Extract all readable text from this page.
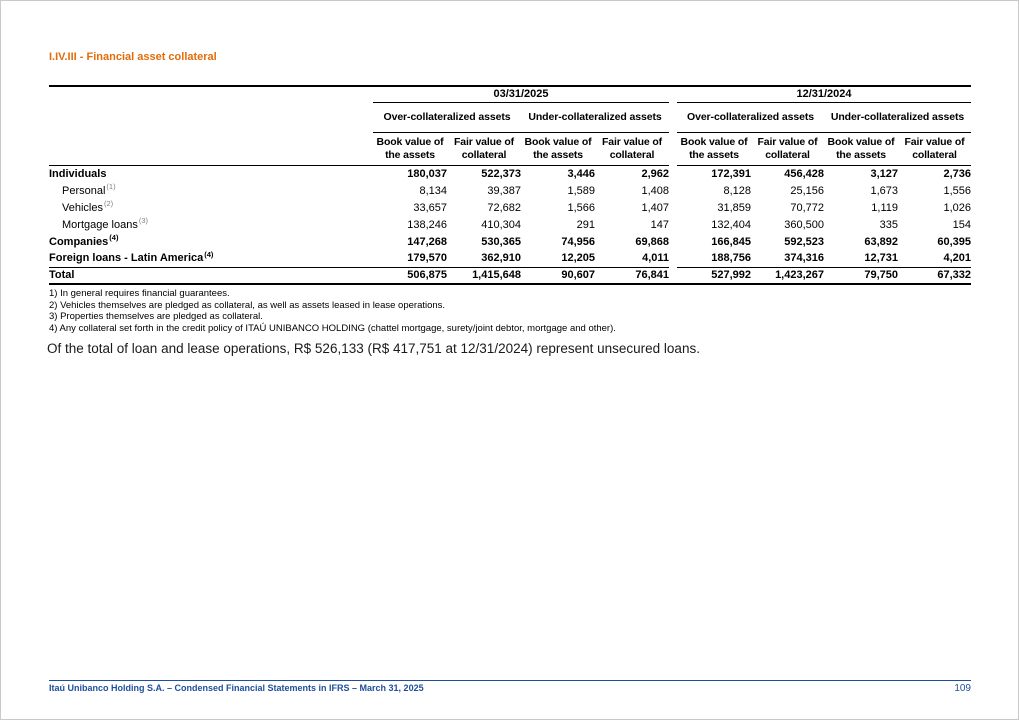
I.IV.III - Financial asset collateral
	03/31/2025					12/31/2024			
	Over-collateralized assets		Under-collateralized assets			Over-collateralized assets		Under-collateralized assets	
	Book value of the assets	Fair value of collateral	Book value of the assets	Fair value of collateral		Book value of the assets	Fair value of collateral	Book value of the assets	Fair value of collateral
Individuals	180,037	522,373	3,446	2,962		172,391	456,428	3,127	2,736
Personal$^{(1)}$	8,134	39,387	1,589	1,408		8,128	25,156	1,673	1,556
Vehicles$^{(2)}$	33,657	72,682	1,566	1,407		31,859	70,772	1,119	1,026
Mortgage loans$^{(3)}$	138,246	410,304	291	147		132,404	360,500	335	154
Companies$^{(4)}$	147,268	530,365	74,956	69,868		166,845	592,523	63,892	60,395
Foreign loans - Latin America$^{(4)}$	179,570	362,910	12,205	4,011		188,756	374,316	12,731	4,201
Total	506,875	1,415,648	90,607	76,841		527,992	1,423,267	79,750	67,332
1) In general requires financial guarantees.
2) Vehicles themselves are pledged as collateral, as well as assets leased in lease operations.
3) Properties themselves are pledged as collateral.
4) Any collateral set forth in the credit policy of ITAÚ UNIBANCO HOLDING (chattel mortgage, surety/joint debtor, mortgage and other).
Of the total of loan and lease operations, R$ 526,133 (R$ 417,751 at 12/31/2024) represent unsecured loans.
Itaú Unibanco Holding S.A. – Condensed Financial Statements in IFRS – March 31, 2025	109
